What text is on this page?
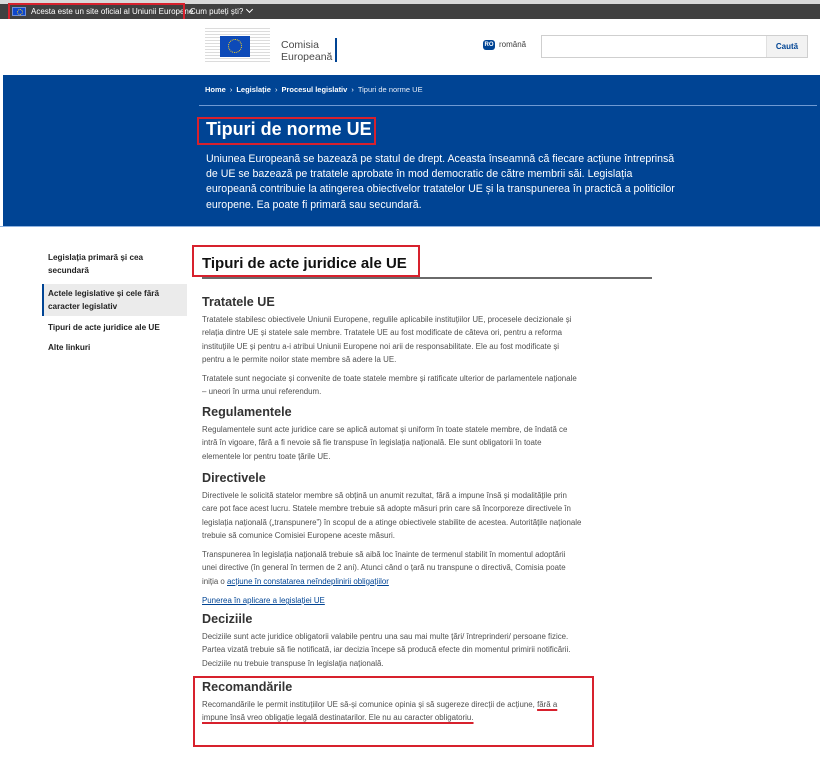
Acesta este un site oficial al Uniunii Europene
Cum puteți ști?
Comisia
Europeană
RO română	Caută
Home › Legislație › Procesul legislativ › Tipuri de norme UE
Tipuri de norme UE
Uniunea Europeană se bazează pe statul de drept. Aceasta înseamnă că fiecare acțiune întreprinsă de UE se bazează pe tratatele aprobate în mod democratic de către membrii săi. Legislația europeană contribuie la atingerea obiectivelor tratatelor UE și la transpunerea în practică a politicilor europene. Ea poate fi primară sau secundară.
Legislația primară și cea secundară
Actele legislative și cele fără caracter legislativ
Tipuri de acte juridice ale UE
Alte linkuri
Tipuri de acte juridice ale UE
Tratatele UE

Tratatele stabilesc obiectivele Uniunii Europene, regulile aplicabile instituțiilor UE, procesele decizionale și relația dintre UE și statele sale membre. Tratatele UE au fost modificate de câteva ori, pentru a reforma instituțiile UE și pentru a-i atribui Uniunii Europene noi arii de responsabilitate. Ele au fost modificate și pentru a le permite noilor state membre să adere la UE.

Tratatele sunt negociate și convenite de toate statele membre și ratificate ulterior de parlamentele naționale – uneori în urma unui referendum.

Regulamentele

Regulamentele sunt acte juridice care se aplică automat și uniform în toate statele membre, de îndată ce intră în vigoare, fără a fi nevoie să fie transpuse în legislația națională. Ele sunt obligatorii în toate elementele lor pentru toate țările UE.

Directivele

Directivele le solicită statelor membre să obțină un anumit rezultat, fără a impune însă și modalitățile prin care pot face acest lucru. Statele membre trebuie să adopte măsuri prin care să încorporeze directivele în legislația națională („transpunere”) în scopul de a atinge obiectivele stabilite de acestea. Autoritățile naționale trebuie să comunice Comisiei Europene aceste măsuri.

Transpunerea în legislația națională trebuie să aibă loc înainte de termenul stabilit în momentul adoptării unei directive (în general în termen de 2 ani). Atunci când o țară nu transpune o directivă, Comisia poate iniția o acțiune în constatarea neîndeplinirii obligațiilor

Punerea în aplicare a legislației UE

Deciziile

Deciziile sunt acte juridice obligatorii valabile pentru una sau mai multe țări/ întreprinderi/ persoane fizice. Partea vizată trebuie să fie notificată, iar decizia începe să producă efecte din momentul primirii notificării. Deciziile nu trebuie transpuse în legislația națională.

Recomandările

Recomandările le permit instituțiilor UE să-și comunice opinia și să sugereze direcții de acțiune, fără a impune însă vreo obligație legală destinatarilor. Ele nu au caracter obligatoriu.
